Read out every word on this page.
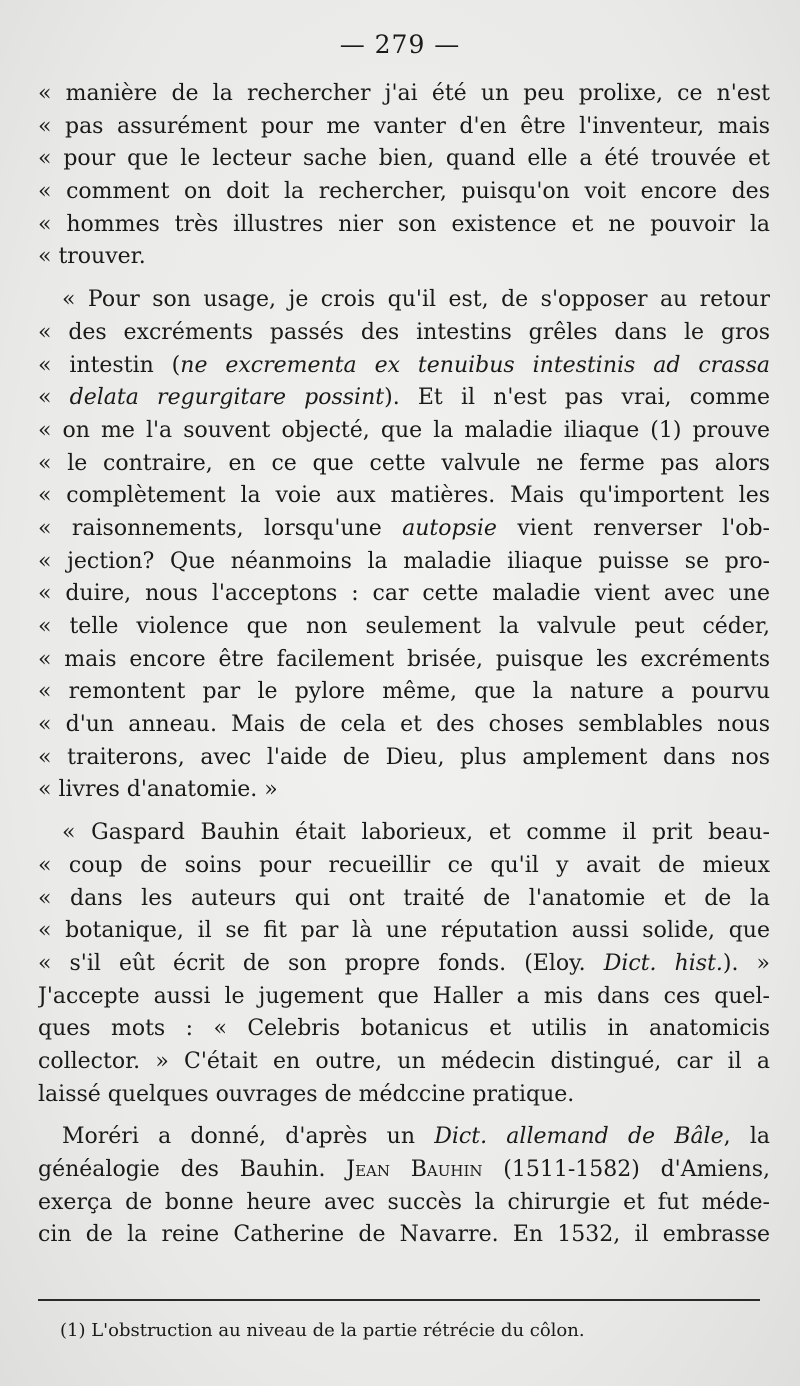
— 279 —
« manière de la rechercher j'ai été un peu prolixe, ce n'est
« pas assurément pour me vanter d'en être l'inventeur, mais
« pour que le lecteur sache bien, quand elle a été trouvée et
« comment on doit la rechercher, puisqu'on voit encore des
« hommes très illustres nier son existence et ne pouvoir la
« trouver.
« Pour son usage, je crois qu'il est, de s'opposer au retour
« des excréments passés des intestins grêles dans le gros
« intestin (ne excrementa ex tenuibus intestinis ad crassa
« delata regurgitare possint). Et il n'est pas vrai, comme
« on me l'a souvent objecté, que la maladie iliaque (1) prouve
« le contraire, en ce que cette valvule ne ferme pas alors
« complètement la voie aux matières. Mais qu'importent les
« raisonnements, lorsqu'une autopsie vient renverser l'ob-
« jection? Que néanmoins la maladie iliaque puisse se pro-
« duire, nous l'acceptons : car cette maladie vient avec une
« telle violence que non seulement la valvule peut céder,
« mais encore être facilement brisée, puisque les excréments
« remontent par le pylore même, que la nature a pourvu
« d'un anneau. Mais de cela et des choses semblables nous
« traiterons, avec l'aide de Dieu, plus amplement dans nos
« livres d'anatomie. »
« Gaspard Bauhin était laborieux, et comme il prit beau-
« coup de soins pour recueillir ce qu'il y avait de mieux
« dans les auteurs qui ont traité de l'anatomie et de la
« botanique, il se fit par là une réputation aussi solide, que
« s'il eût écrit de son propre fonds. (Eloy. Dict. hist.). »
J'accepte aussi le jugement que Haller a mis dans ces quel-
ques mots : « Celebris botanicus et utilis in anatomicis
collector. » C'était en outre, un médecin distingué, car il a
laissé quelques ouvrages de médccine pratique.
Moréri a donné, d'après un Dict. allemand de Bâle, la
généalogie des Bauhin. Jean Bauhin (1511-1582) d'Amiens,
exerça de bonne heure avec succès la chirurgie et fut méde-
cin de la reine Catherine de Navarre. En 1532, il embrasse
(1) L'obstruction au niveau de la partie rétrécie du côlon.
